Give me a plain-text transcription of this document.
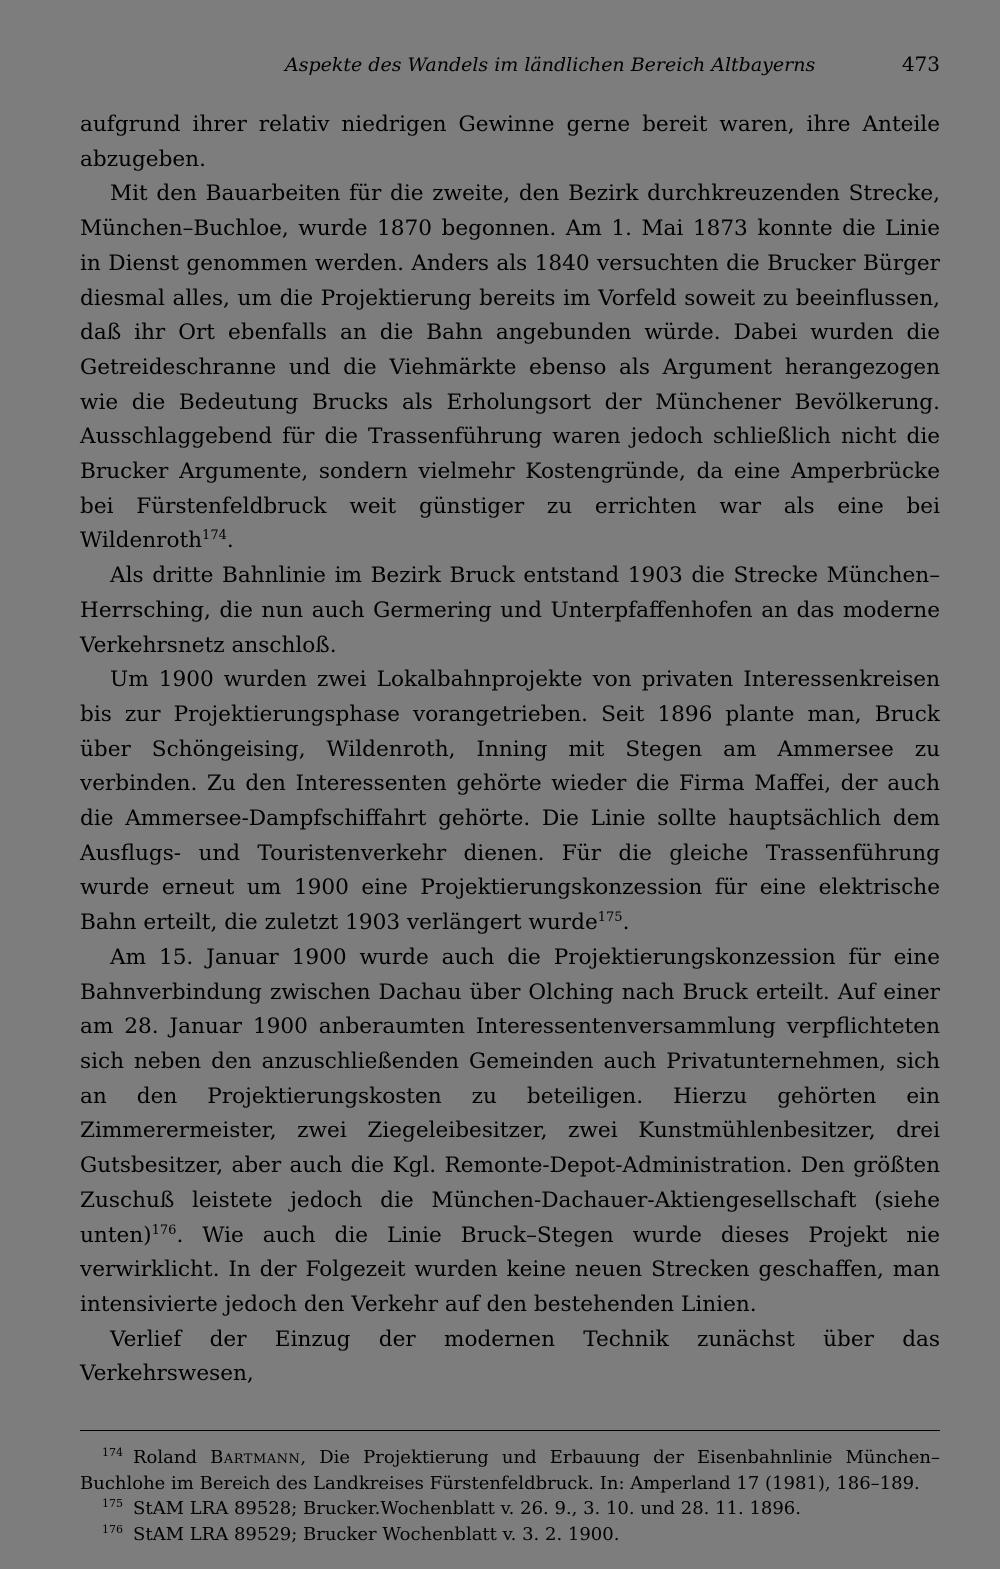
Aspekte des Wandels im ländlichen Bereich Altbayerns	473

aufgrund ihrer relativ niedrigen Gewinne gerne bereit waren, ihre Anteile abzugeben.

Mit den Bauarbeiten für die zweite, den Bezirk durchkreuzenden Strecke, München–Buchloe, wurde 1870 begonnen. Am 1. Mai 1873 konnte die Linie in Dienst genommen werden. Anders als 1840 versuchten die Brucker Bürger diesmal alles, um die Projektierung bereits im Vorfeld soweit zu beeinflussen, daß ihr Ort ebenfalls an die Bahn angebunden würde. Dabei wurden die Getreideschranne und die Viehmärkte ebenso als Argument herangezogen wie die Bedeutung Brucks als Erholungsort der Münchener Bevölkerung. Ausschlaggebend für die Trassenführung waren jedoch schließlich nicht die Brucker Argumente, sondern vielmehr Kostengründe, da eine Amperbrücke bei Fürstenfeldbruck weit günstiger zu errichten war als eine bei Wildenroth$^{174}$.

Als dritte Bahnlinie im Bezirk Bruck entstand 1903 die Strecke München–Herrsching, die nun auch Germering und Unterpfaffenhofen an das moderne Verkehrsnetz anschloß.

Um 1900 wurden zwei Lokalbahnprojekte von privaten Interessenkreisen bis zur Projektierungsphase vorangetrieben. Seit 1896 plante man, Bruck über Schöngeising, Wildenroth, Inning mit Stegen am Ammersee zu verbinden. Zu den Interessenten gehörte wieder die Firma Maffei, der auch die Ammersee-Dampfschiffahrt gehörte. Die Linie sollte hauptsächlich dem Ausflugs- und Touristenverkehr dienen. Für die gleiche Trassenführung wurde erneut um 1900 eine Projektierungskonzession für eine elektrische Bahn erteilt, die zuletzt 1903 verlängert wurde$^{175}$.

Am 15. Januar 1900 wurde auch die Projektierungskonzession für eine Bahnverbindung zwischen Dachau über Olching nach Bruck erteilt. Auf einer am 28. Januar 1900 anberaumten Interessentenversammlung verpflichteten sich neben den anzuschließenden Gemeinden auch Privatunternehmen, sich an den Projektierungskosten zu beteiligen. Hierzu gehörten ein Zimmerermeister, zwei Ziegeleibesitzer, zwei Kunstmühlenbesitzer, drei Gutsbesitzer, aber auch die Kgl. Remonte-Depot-Administration. Den größten Zuschuß leistete jedoch die München-Dachauer-Aktiengesellschaft (siehe unten)$^{176}$. Wie auch die Linie Bruck–Stegen wurde dieses Projekt nie verwirklicht. In der Folgezeit wurden keine neuen Strecken geschaffen, man intensivierte jedoch den Verkehr auf den bestehenden Linien.

Verlief der Einzug der modernen Technik zunächst über das Verkehrswesen,

$^{174}$ Roland Bartmann, Die Projektierung und Erbauung der Eisenbahnlinie München–Buchlohe im Bereich des Landkreises Fürstenfeldbruck. In: Amperland 17 (1981), 186–189.

$^{175}$ StAM LRA 89528; Brucker.Wochenblatt v. 26. 9., 3. 10. und 28. 11. 1896.

$^{176}$ StAM LRA 89529; Brucker Wochenblatt v. 3. 2. 1900.
